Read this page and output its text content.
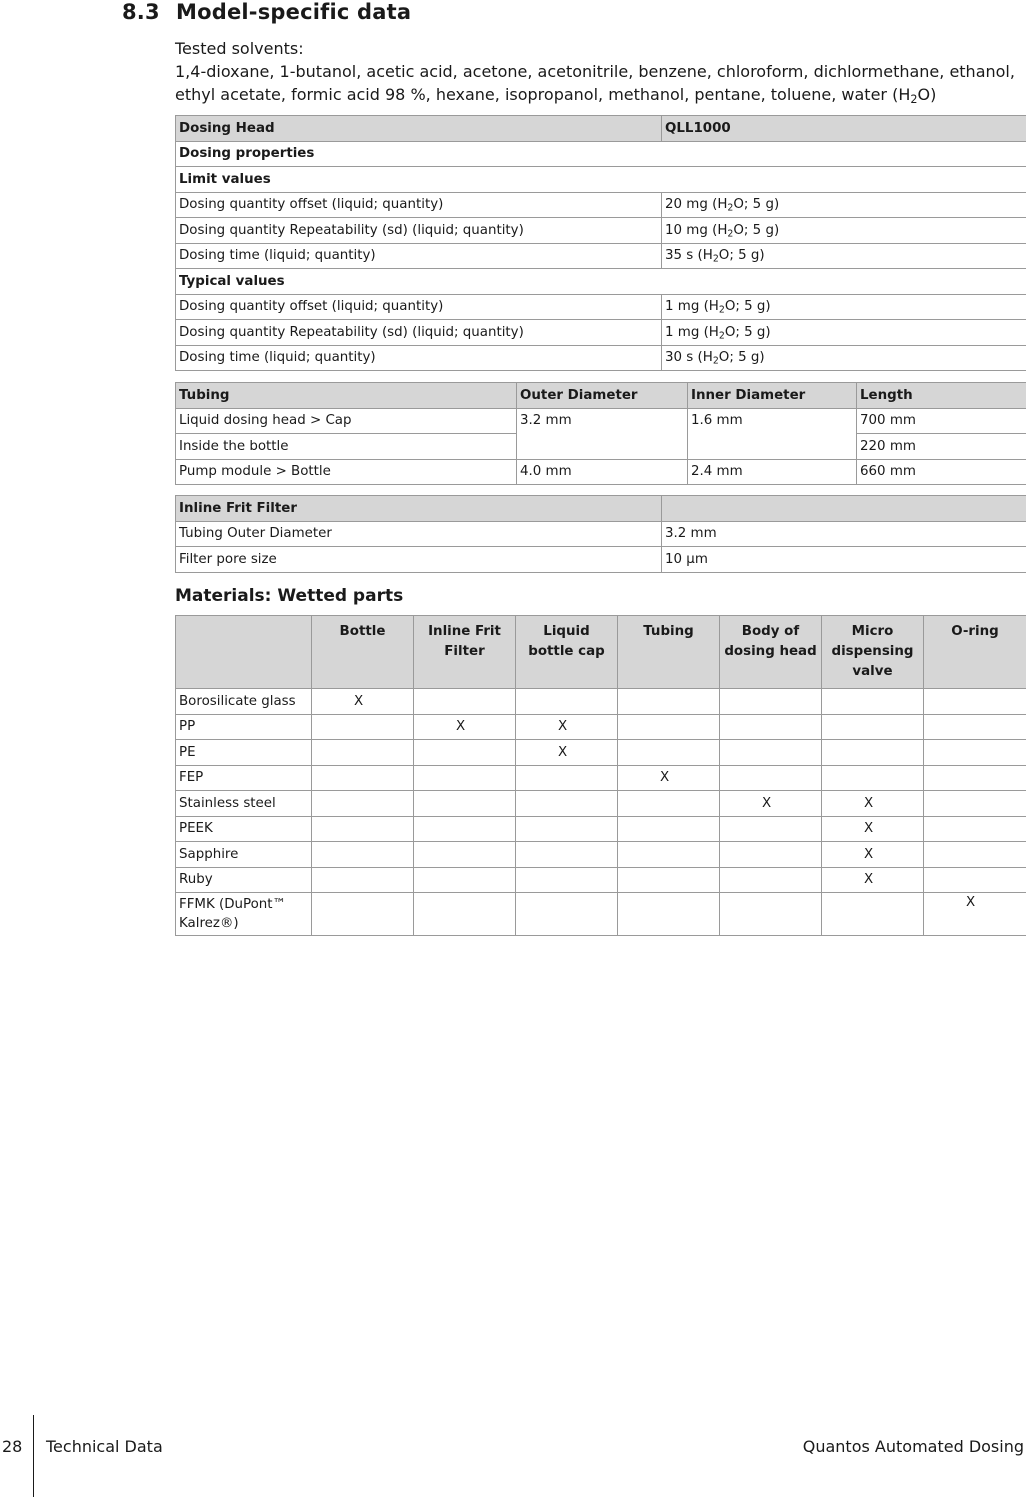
8.3 Model-specific data
Tested solvents:
1,4-dioxane, 1-butanol, acetic acid, acetone, acetonitrile, benzene, chloroform, dichlormethane, ethanol, ethyl acetate, formic acid 98 %, hexane, isopropanol, methanol, pentane, toluene, water $(H_2O)$
Dosing Head	QLL1000
Dosing properties	
Limit values	
Dosing quantity offset (liquid; quantity)	20 mg ($H_2O$; 5 g)
Dosing quantity Repeatability (sd) (liquid; quantity)	10 mg ($H_2O$; 5 g)
Dosing time (liquid; quantity)	35 s ($H_2O$; 5 g)
Typical values	
Dosing quantity offset (liquid; quantity)	1 mg ($H_2O$; 5 g)
Dosing quantity Repeatability (sd) (liquid; quantity)	1 mg ($H_2O$; 5 g)
Dosing time (liquid; quantity)	30 s ($H_2O$; 5 g)
Tubing	Outer Diameter	Inner Diameter	Length
Liquid dosing head > Cap	3.2 mm	1.6 mm	700 mm
Inside the bottle			220 mm
Pump module > Bottle	4.0 mm	2.4 mm	660 mm
Inline Frit Filter	
Tubing Outer Diameter	3.2 mm
Filter pore size	10 µm
Materials: Wetted parts
	Bottle	Inline Frit Filter	Liquid bottle cap	Tubing	Body of dosing head	Micro dispensing valve	O-ring
Borosilicate glass	X						
PP		X	X				
PE			X				
FEP				X			
Stainless steel					X	X	
PEEK						X	
Sapphire						X	
Ruby						X	
FFMK (DuPont™ Kalrez®)							X
28 Technical Data	Quantos Automated Dosing
